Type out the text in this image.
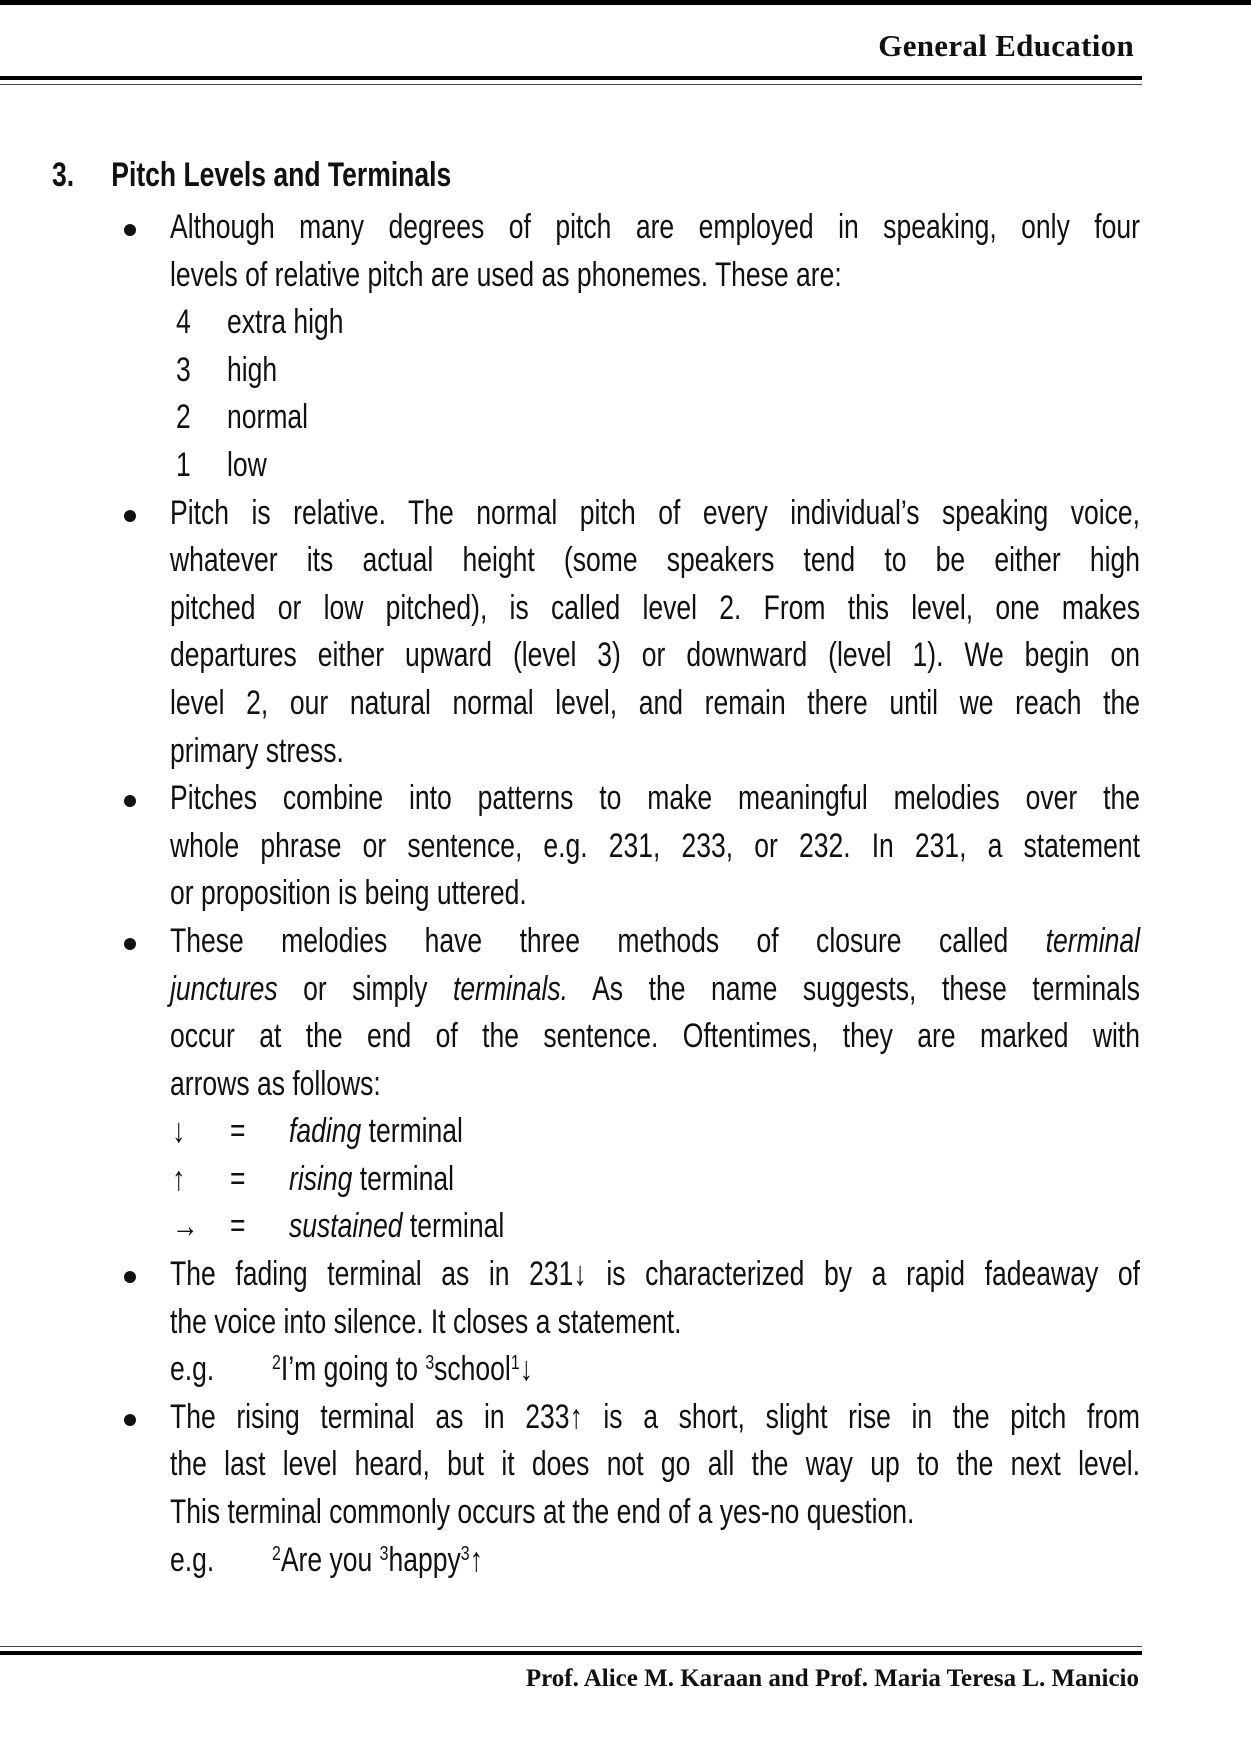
General Education
3. Pitch Levels and Terminals
Although many degrees of pitch are employed in speaking, only four
levels of relative pitch are used as phonemes. These are:
4 extra high
3 high
2 normal
1 low
Pitch is relative. The normal pitch of every individual’s speaking voice,
whatever its actual height (some speakers tend to be either high
pitched or low pitched), is called level 2. From this level, one makes
departures either upward (level 3) or downward (level 1). We begin on
level 2, our natural normal level, and remain there until we reach the
primary stress.
Pitches combine into patterns to make meaningful melodies over the
whole phrase or sentence, e.g. 231, 233, or 232. In 231, a statement
or proposition is being uttered.
These melodies have three methods of closure called terminal
junctures or simply terminals. As the name suggests, these terminals
occur at the end of the sentence. Oftentimes, they are marked with
arrows as follows:
↓ = fading terminal
↑ = rising terminal
→ = sustained terminal
The fading terminal as in 231↓ is characterized by a rapid fadeaway of
the voice into silence. It closes a statement.
e.g.	$^2$I’m going to $^3$school$^1$↓
The rising terminal as in 233↑ is a short, slight rise in the pitch from
the last level heard, but it does not go all the way up to the next level.
This terminal commonly occurs at the end of a yes-no question.
e.g.	$^2$Are you $^3$happy$^3$↑
Prof. Alice M. Karaan and Prof. Maria Teresa L. Manicio
